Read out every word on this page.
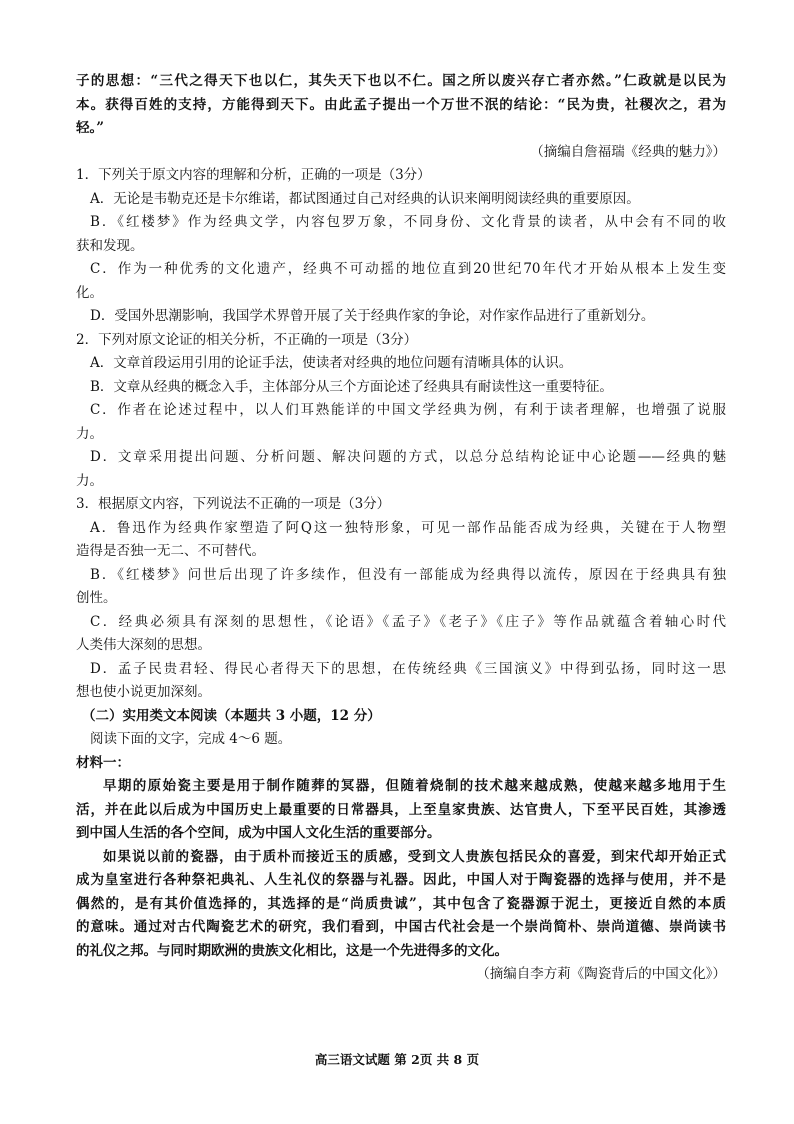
子的思想：“三代之得天下也以仁，其失天下也以不仁。国之所以废兴存亡者亦然。”仁政就是以民为

本。获得百姓的支持，方能得到天下。由此孟子提出一个万世不泯的结论：“民为贵，社稷次之，君为

轻。”

（摘编自詹福瑞《经典的魅力》）

1．下列关于原文内容的理解和分析，正确的一项是（3分）

A．无论是韦勒克还是卡尔维诺，都试图通过自己对经典的认识来阐明阅读经典的重要原因。

B．《红楼梦》作为经典文学，内容包罗万象，不同身份、文化背景的读者，从中会有不同的收

获和发现。

C．作为一种优秀的文化遗产，经典不可动摇的地位直到20世纪70年代才开始从根本上发生变

化。

D．受国外思潮影响，我国学术界曾开展了关于经典作家的争论，对作家作品进行了重新划分。

2．下列对原文论证的相关分析，不正确的一项是（3分）

A．文章首段运用引用的论证手法，使读者对经典的地位问题有清晰具体的认识。

B．文章从经典的概念入手，主体部分从三个方面论述了经典具有耐读性这一重要特征。

C．作者在论述过程中，以人们耳熟能详的中国文学经典为例，有利于读者理解，也增强了说服

力。

D．文章采用提出问题、分析问题、解决问题的方式，以总分总结构论证中心论题——经典的魅

力。

3．根据原文内容，下列说法不正确的一项是（3分）

A．鲁迅作为经典作家塑造了阿Q这一独特形象，可见一部作品能否成为经典，关键在于人物塑

造得是否独一无二、不可替代。

B．《红楼梦》问世后出现了许多续作，但没有一部能成为经典得以流传，原因在于经典具有独

创性。

C．经典必须具有深刻的思想性，《论语》《孟子》《老子》《庄子》等作品就蕴含着轴心时代

人类伟大深刻的思想。

D．孟子民贵君轻、得民心者得天下的思想，在传统经典《三国演义》中得到弘扬，同时这一思

想也使小说更加深刻。

（二）实用类文本阅读（本题共 3 小题，12 分）

阅读下面的文字，完成 4～6 题。

材料一：

早期的原始瓷主要是用于制作随葬的冥器，但随着烧制的技术越来越成熟，使越来越多地用于生

活，并在此以后成为中国历史上最重要的日常器具，上至皇家贵族、达官贵人，下至平民百姓，其渗透

到中国人生活的各个空间，成为中国人文化生活的重要部分。

如果说以前的瓷器，由于质朴而接近玉的质感，受到文人贵族包括民众的喜爱，到宋代却开始正式

成为皇室进行各种祭祀典礼、人生礼仪的祭器与礼器。因此，中国人对于陶瓷器的选择与使用，并不是

偶然的，是有其价值选择的，其选择的是“尚质贵诚”，其中包含了瓷器源于泥土，更接近自然的本质

的意味。通过对古代陶瓷艺术的研究，我们看到，中国古代社会是一个崇尚简朴、崇尚道德、崇尚读书

的礼仪之邦。与同时期欧洲的贵族文化相比，这是一个先进得多的文化。

（摘编自李方莉《陶瓷背后的中国文化》）

高三语文试题 第 2页 共 8 页
